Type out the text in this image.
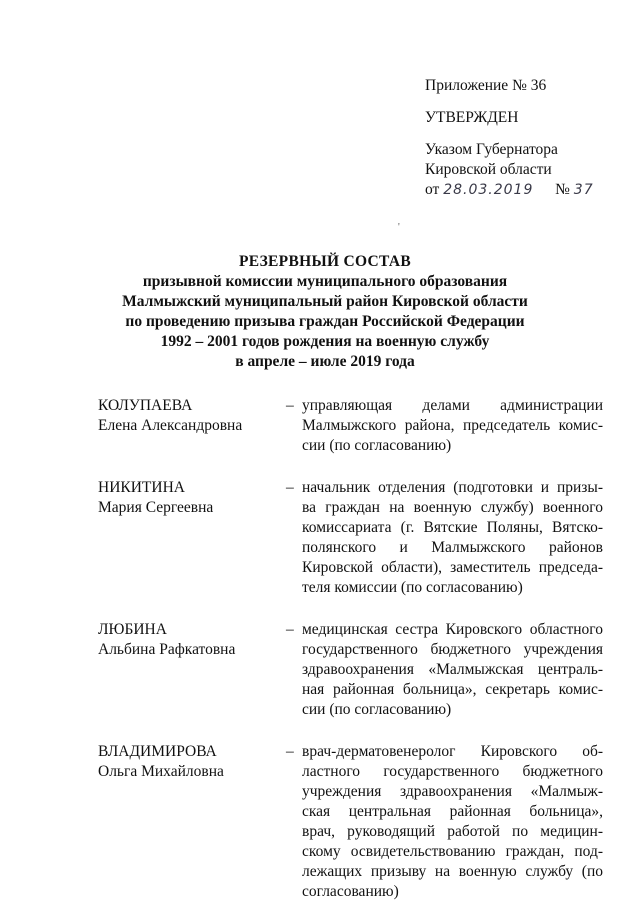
Приложение № 36
УТВЕРЖДЕН
Указом Губернатора
Кировской области
от 28.03.2019 № 37
'
РЕЗЕРВНЫЙ СОСТАВ
призывной комиссии муниципального образования
Малмыжский муниципальный район Кировской области
по проведению призыва граждан Российской Федерации
1992 – 2001 годов рождения на военную службу
в апреле – июле 2019 года
КОЛУПАЕВА
Елена Александровна
– управляющая делами администрации
Малмыжского района, председатель комис-
сии (по согласованию)
НИКИТИНА
Мария Сергеевна
– начальник отделения (подготовки и призы-
ва граждан на военную службу) военного
комиссариата (г. Вятские Поляны, Вятско-
полянского и Малмыжского районов
Кировской области), заместитель председа-
теля комиссии (по согласованию)
ЛЮБИНА
Альбина Рафкатовна
– медицинская сестра Кировского областного
государственного бюджетного учреждения
здравоохранения «Малмыжская централь-
ная районная больница», секретарь комис-
сии (по согласованию)
ВЛАДИМИРОВА
Ольга Михайловна
– врач-дерматовенеролог Кировского об-
ластного государственного бюджетного
учреждения здравоохранения «Малмыж-
ская центральная районная больница»,
врач, руководящий работой по медицин-
скому освидетельствованию граждан, под-
лежащих призыву на военную службу (по
согласованию)
